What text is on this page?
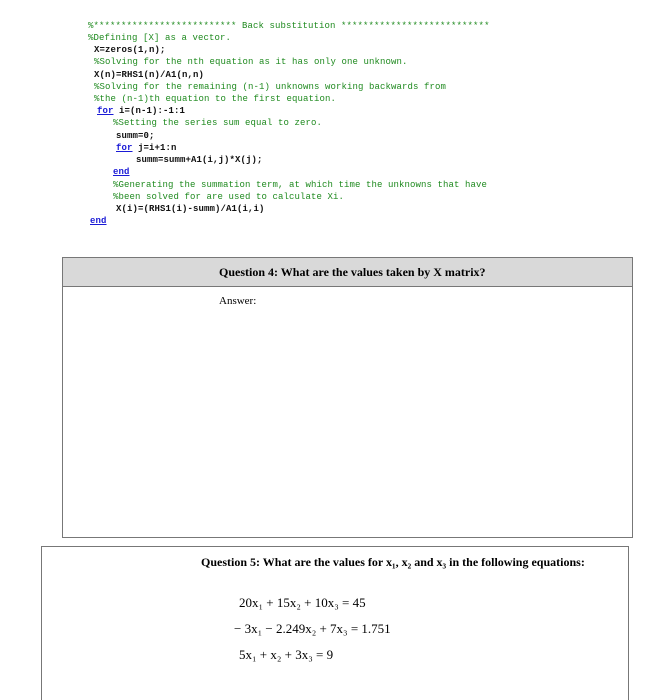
%************************** Back substitution ***************************
%Defining [X] as a vector.
X=zeros(1,n);
%Solving for the nth equation as it has only one unknown.
X(n)=RHS1(n)/A1(n,n)
%Solving for the remaining (n-1) unknowns working backwards from
%the (n-1)th equation to the first equation.
for i=(n-1):-1:1
%Setting the series sum equal to zero.
summ=0;
for j=i+1:n
summ=summ+A1(i,j)*X(j);
end
%Generating the summation term, at which time the unknowns that have
%been solved for are used to calculate Xi.
X(i)=(RHS1(i)-summ)/A1(i,i)
end
Question 4: What are the values taken by X matrix?
Answer:
Question 5: What are the values for x₁, x₂ and x₃ in the following equations:
20x₁ + 15x₂ + 10x₃ = 45
− 3x₁ − 2.249x₂ + 7x₃ = 1.751
5x₁ + x₂ + 3x₃ = 9
